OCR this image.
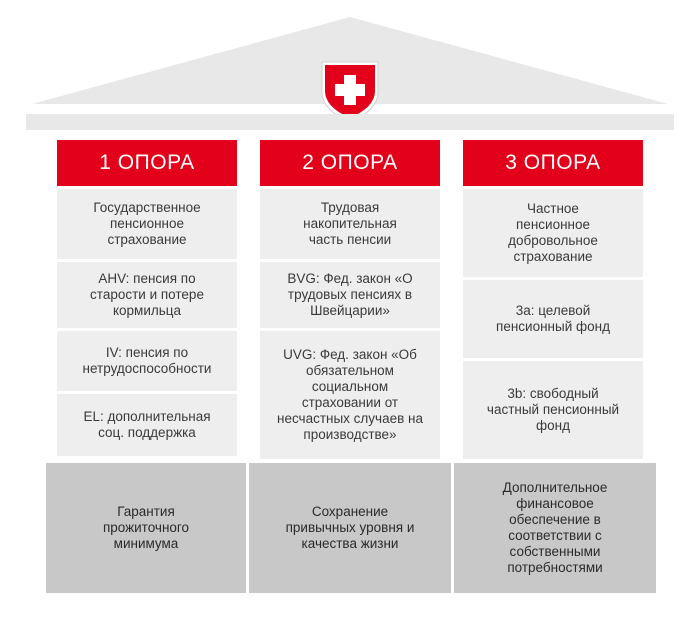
1 ОПОРА
Государственное
пенсионное
страхование
AHV: пенсия по
старости и потере
кормильца
IV: пенсия по
нетрудоспособности
EL: дополнительная
соц. поддержка
2 ОПОРА
Трудовая
накопительная
часть пенсии
BVG: Фед. закон «О
трудовых пенсиях в
Швейцарии»
UVG: Фед. закон «Об
обязательном
социальном
страховании от
несчастных случаев на
производстве»
3 ОПОРА
Частное
пенсионное
добровольное
страхование
3a: целевой
пенсионный фонд
3b: свободный
частный пенсионный
фонд
Гарантия
прожиточного
минимума
Сохранение
привычных уровня и
качества жизни
Дополнительное
финансовое
обеспечение в
соответствии с
собственными
потребностями
